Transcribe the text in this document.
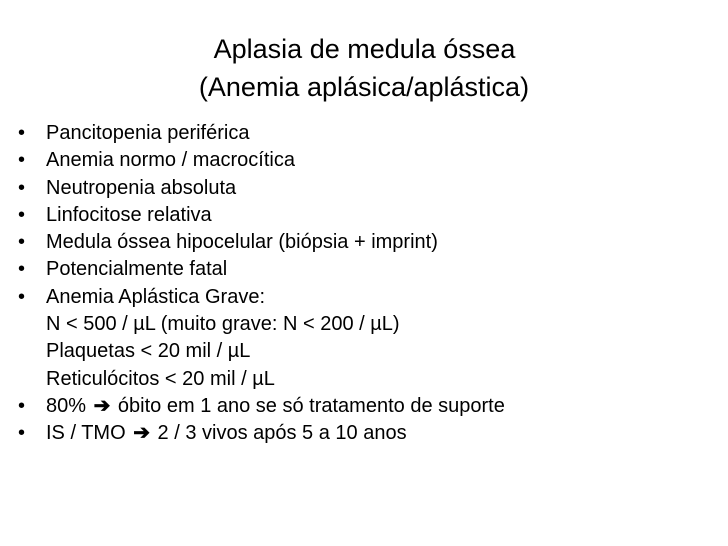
Aplasia de medula óssea
(Anemia aplásica/aplástica)
• Pancitopenia periférica
• Anemia normo / macrocítica
• Neutropenia absoluta
• Linfocitose relativa
• Medula óssea hipocelular (biópsia + imprint)
• Potencialmente fatal
• Anemia Aplástica Grave:
N < 500 / µL (muito grave: N < 200 / µL)
Plaquetas < 20 mil / µL
Reticulócitos < 20 mil / µL
• 80% ➔ óbito em 1 ano se só tratamento de suporte
• IS / TMO ➔ 2 / 3 vivos após 5 a 10 anos
